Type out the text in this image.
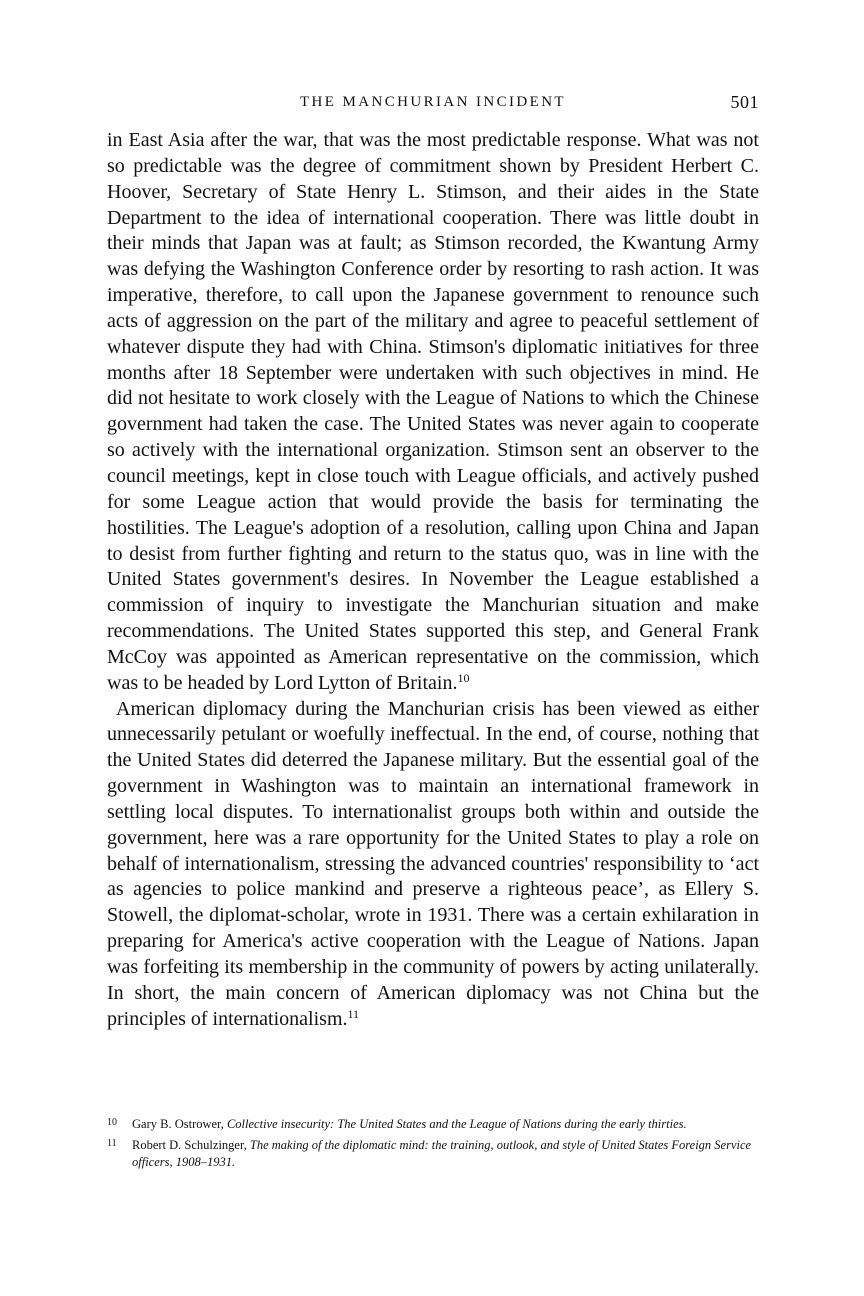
THE MANCHURIAN INCIDENT	501

in East Asia after the war, that was the most predictable response. What was not so predictable was the degree of commitment shown by President Herbert C. Hoover, Secretary of State Henry L. Stimson, and their aides in the State Department to the idea of international cooperation. There was little doubt in their minds that Japan was at fault; as Stimson recorded, the Kwantung Army was defying the Washington Conference order by resorting to rash action. It was imperative, therefore, to call upon the Japanese government to renounce such acts of aggression on the part of the military and agree to peaceful settlement of whatever dispute they had with China. Stimson's diplomatic initiatives for three months after 18 September were undertaken with such objectives in mind. He did not hesitate to work closely with the League of Nations to which the Chinese government had taken the case. The United States was never again to cooperate so actively with the international organization. Stimson sent an observer to the council meetings, kept in close touch with League officials, and actively pushed for some League action that would provide the basis for terminating the hostilities. The League's adoption of a resolution, calling upon China and Japan to desist from further fighting and return to the status quo, was in line with the United States government's desires. In November the League established a commission of inquiry to investigate the Manchurian situation and make recommendations. The United States supported this step, and General Frank McCoy was appointed as American representative on the commission, which was to be headed by Lord Lytton of Britain.$^{10}$

American diplomacy during the Manchurian crisis has been viewed as either unnecessarily petulant or woefully ineffectual. In the end, of course, nothing that the United States did deterred the Japanese military. But the essential goal of the government in Washington was to maintain an international framework in settling local disputes. To internationalist groups both within and outside the government, here was a rare opportunity for the United States to play a role on behalf of internationalism, stressing the advanced countries' responsibility to ‘act as agencies to police mankind and preserve a righteous peace’, as Ellery S. Stowell, the diplomat-scholar, wrote in 1931. There was a certain exhilaration in preparing for America's active cooperation with the League of Nations. Japan was forfeiting its membership in the community of powers by acting unilaterally. In short, the main concern of American diplomacy was not China but the principles of internationalism.$^{11}$

10 Gary B. Ostrower, Collective insecurity: The United States and the League of Nations during the early thirties.

11 Robert D. Schulzinger, The making of the diplomatic mind: the training, outlook, and style of United States Foreign Service officers, 1908–1931.
